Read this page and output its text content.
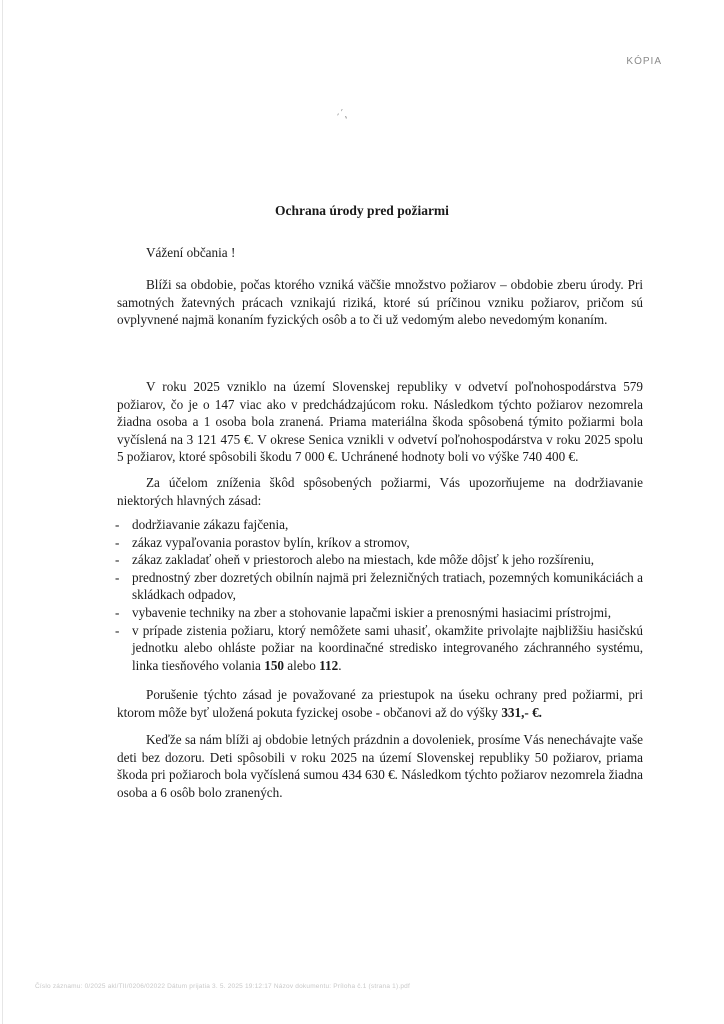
KÓPIA
´ ,́
Ochrana úrody pred požiarmi
Vážení občania !

Blíži sa obdobie, počas ktorého vzniká väčšie množstvo požiarov – obdobie zberu úrody. Pri samotných žatevných prácach vznikajú riziká, ktoré sú príčinou vzniku požiarov, pričom sú ovplyvnené najmä konaním fyzických osôb a to či už vedomým alebo nevedomým konaním.

V roku 2025 vzniklo na území Slovenskej republiky v odvetví poľnohospodárstva 579 požiarov, čo je o 147 viac ako v predchádzajúcom roku. Následkom týchto požiarov nezomrela žiadna osoba a 1 osoba bola zranená. Priama materiálna škoda spôsobená týmito požiarmi bola vyčíslená na 3 121 475 €. V okrese Senica vznikli v odvetví poľnohospodárstva v roku 2025 spolu 5 požiarov, ktoré spôsobili škodu 7 000 €. Uchránené hodnoty boli vo výške 740 400 €.

Za účelom zníženia škôd spôsobených požiarmi, Vás upozorňujeme na dodržiavanie niektorých hlavných zásad:

- dodržiavanie zákazu fajčenia,
- zákaz vypaľovania porastov bylín, kríkov a stromov,
- zákaz zakladať oheň v priestoroch alebo na miestach, kde môže dôjsť k jeho rozšíreniu,
- prednostný zber dozretých obilnín najmä pri železničných tratiach, pozemných komunikáciách a skládkach odpadov,
- vybavenie techniky na zber a stohovanie lapačmi iskier a prenosnými hasiacimi prístrojmi,
- v prípade zistenia požiaru, ktorý nemôžete sami uhasiť, okamžite privolajte najbližšiu hasičskú jednotku alebo ohláste požiar na koordinačné stredisko integrovaného záchranného systému, linka tiesňového volania 150 alebo 112.

Porušenie týchto zásad je považované za priestupok na úseku ochrany pred požiarmi, pri ktorom môže byť uložená pokuta fyzickej osobe - občanovi až do výšky 331,- €.

Keďže sa nám blíži aj obdobie letných prázdnin a dovoleniek, prosíme Vás nenechávajte vaše deti bez dozoru. Deti spôsobili v roku 2025 na území Slovenskej republiky 50 požiarov, priama škoda pri požiaroch bola vyčíslená sumou 434 630 €. Následkom týchto požiarov nezomrela žiadna osoba a 6 osôb bolo zranených.

Číslo záznamu: 0/2025 akl/TII/0206/02022 Dátum prijatia 3. 5. 2025 19:12:17 Názov dokumentu: Príloha č.1 (strana 1).pdf
